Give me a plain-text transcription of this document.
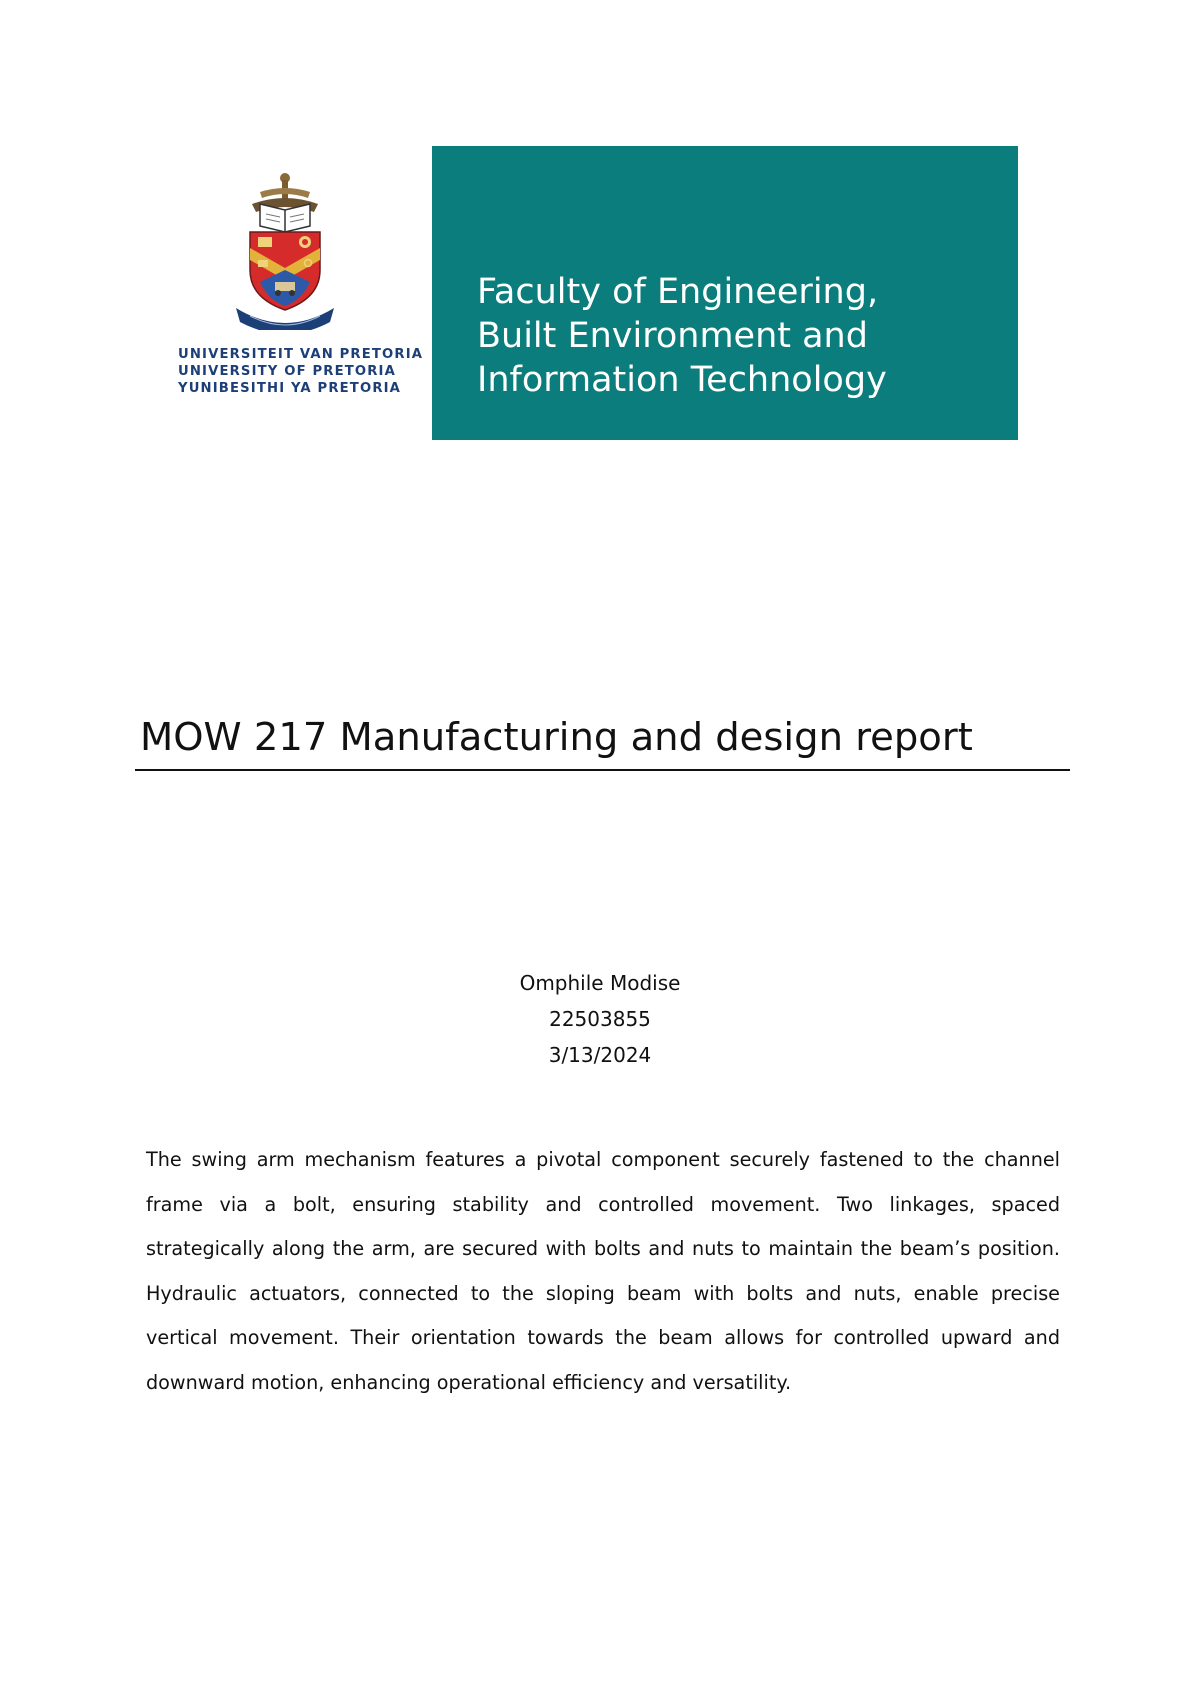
UNIVERSITEIT VAN PRETORIA
UNIVERSITY OF PRETORIA
YUNIBESITHI YA PRETORIA
Faculty of Engineering,
Built Environment and
Information Technology
MOW 217 Manufacturing and design report
Omphile Modise
22503855
3/13/2024

The swing arm mechanism features a pivotal component securely fastened to the channel frame via a bolt, ensuring stability and controlled movement. Two linkages, spaced strategically along the arm, are secured with bolts and nuts to maintain the beam’s position. Hydraulic actuators, connected to the sloping beam with bolts and nuts, enable precise vertical movement. Their orientation towards the beam allows for controlled upward and downward motion, enhancing operational efficiency and versatility.
